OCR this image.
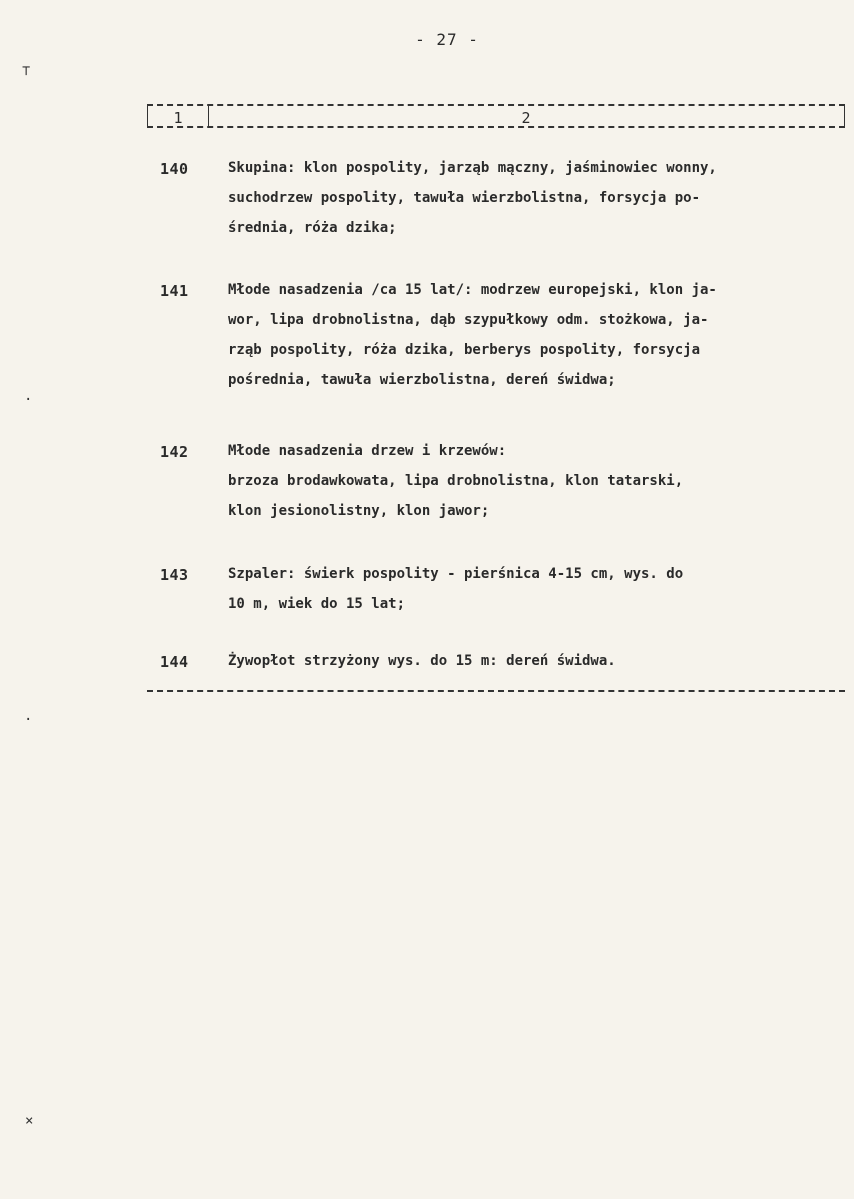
- 27 -
⊤
·
·
×
1	2
140	Skupina: klon pospolity, jarząb mączny, jaśminowiec wonny,
suchodrzew pospolity, tawuła wierzbolistna, forsycja po-
średnia, róża dzika;
141	Młode nasadzenia /ca 15 lat/: modrzew europejski, klon ja-
wor, lipa drobnolistna, dąb szypułkowy odm. stożkowa, ja-
rząb pospolity, róża dzika, berberys pospolity, forsycja
pośrednia, tawuła wierzbolistna, dereń świdwa;
142	Młode nasadzenia drzew i krzewów:
brzoza brodawkowata, lipa drobnolistna, klon tatarski,
klon jesionolistny, klon jawor;
143	Szpaler: świerk pospolity - pierśnica 4-15 cm, wys. do
10 m, wiek do 15 lat;
144	Żywopłot strzyżony wys. do 15 m: dereń świdwa.
